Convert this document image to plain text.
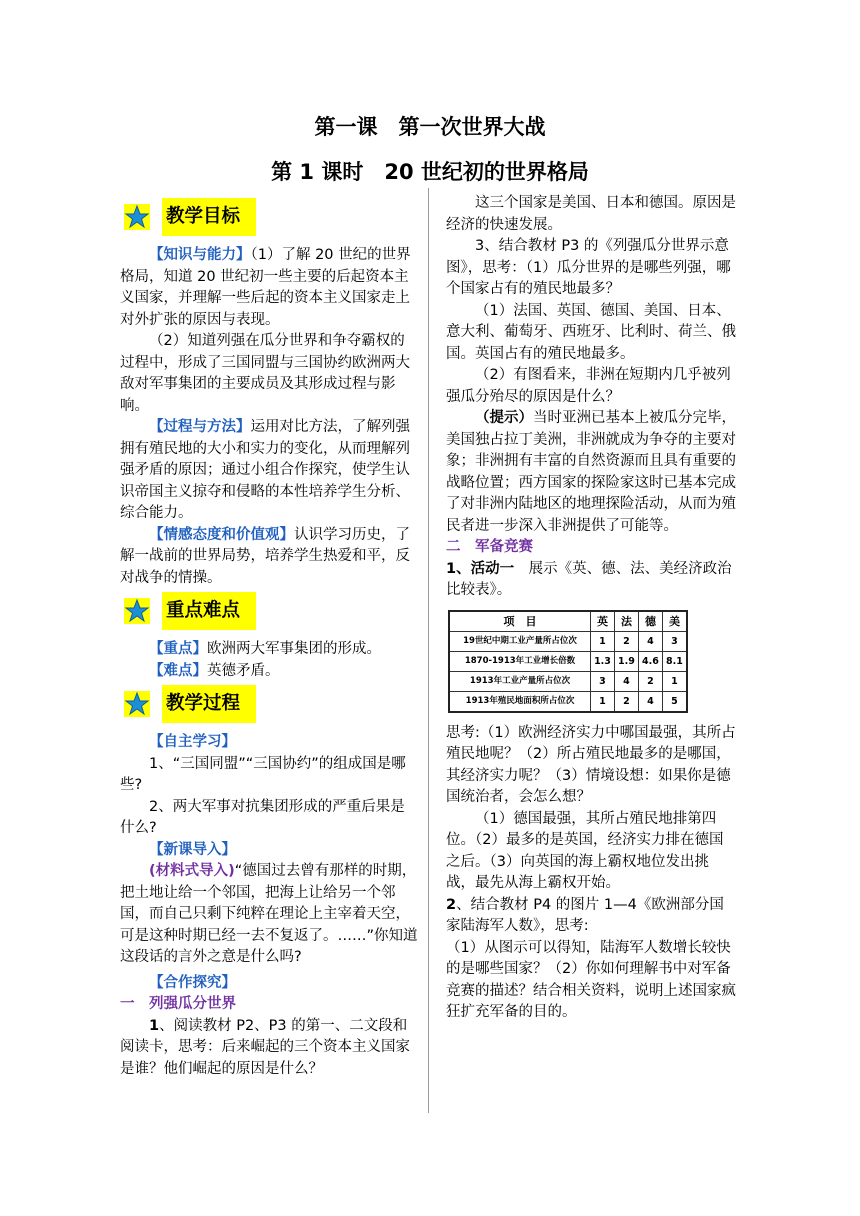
第一课　第一次世界大战
第 1 课时　20 世纪初的世界格局
教学目标

【知识与能力】（1）了解 20 世纪的世界格局，知道 20 世纪初一些主要的后起资本主义国家，并理解一些后起的资本主义国家走上对外扩张的原因与表现。

（2）知道列强在瓜分世界和争夺霸权的过程中，形成了三国同盟与三国协约欧洲两大敌对军事集团的主要成员及其形成过程与影响。

【过程与方法】运用对比方法，了解列强拥有殖民地的大小和实力的变化，从而理解列强矛盾的原因；通过小组合作探究，使学生认识帝国主义掠夺和侵略的本性培养学生分析、综合能力。

【情感态度和价值观】认识学习历史，了解一战前的世界局势，培养学生热爱和平，反对战争的情操。

重点难点

【重点】欧洲两大军事集团的形成。

【难点】英德矛盾。

教学过程

【自主学习】

1、“三国同盟”“三国协约”的组成国是哪些?

2、两大军事对抗集团形成的严重后果是什么?

【新课导入】

(材料式导入)“德国过去曾有那样的时期，把土地让给一个邻国，把海上让给另一个邻国，而自己只剩下纯粹在理论上主宰着天空，可是这种时期已经一去不复返了。……”你知道这段话的言外之意是什么吗?

【合作探究】

一　列强瓜分世界

1、阅读教材 P2、P3 的第一、二文段和阅读卡，思考：后来崛起的三个资本主义国家是谁？他们崛起的原因是什么？

这三个国家是美国、日本和德国。原因是经济的快速发展。

3、结合教材 P3 的《列强瓜分世界示意图》，思考：（1）瓜分世界的是哪些列强，哪个国家占有的殖民地最多？

（1）法国、英国、德国、美国、日本、意大利、葡萄牙、西班牙、比利时、荷兰、俄国。英国占有的殖民地最多。

（2）有图看来，非洲在短期内几乎被列强瓜分殆尽的原因是什么？

（提示）当时亚洲已基本上被瓜分完毕，美国独占拉丁美洲，非洲就成为争夺的主要对象；非洲拥有丰富的自然资源而且具有重要的战略位置；西方国家的探险家这时已基本完成了对非洲内陆地区的地理探险活动，从而为殖民者进一步深入非洲提供了可能等。

二　军备竞赛

1、活动一　展示《英、德、法、美经济政治比较表》。

项　目	英	法	德	美
19世纪中期工业产量所占位次	1	2	4	3
1870-1913年工业增长倍数	1.3	1.9	4.6	8.1
1913年工业产量所占位次	3	4	2	1
1913年殖民地面积所占位次	1	2	4	5

思考:（1）欧洲经济实力中哪国最强，其所占殖民地呢？（2）所占殖民地最多的是哪国，其经济实力呢？（3）情境设想：如果你是德国统治者，会怎么想？

（1）德国最强，其所占殖民地排第四位。（2）最多的是英国，经济实力排在德国之后。（3）向英国的海上霸权地位发出挑战，最先从海上霸权开始。

2、结合教材 P4 的图片 1—4《欧洲部分国家陆海军人数》，思考:

（1）从图示可以得知，陆海军人数增长较快的是哪些国家？（2）你如何理解书中对军备竞赛的描述？结合相关资料，说明上述国家疯狂扩充军备的目的。
